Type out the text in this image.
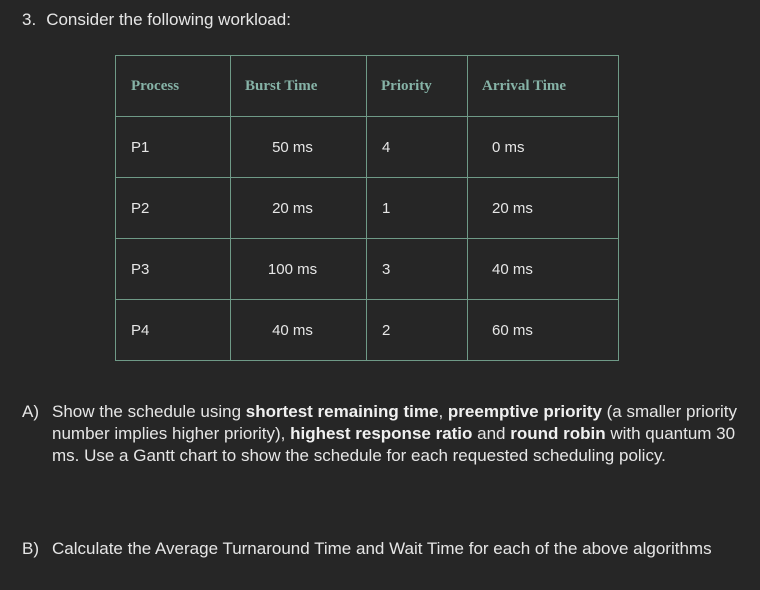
3. Consider the following workload:
Process	Burst Time	Priority	Arrival Time
P1	50 ms	4	0 ms
P2	20 ms	1	20 ms
P3	100 ms	3	40 ms
P4	40 ms	2	60 ms
A) Show the schedule using shortest remaining time, preemptive priority (a smaller priority number implies higher priority), highest response ratio and round robin with quantum 30 ms. Use a Gantt chart to show the schedule for each requested scheduling policy.
B) Calculate the Average Turnaround Time and Wait Time for each of the above algorithms
